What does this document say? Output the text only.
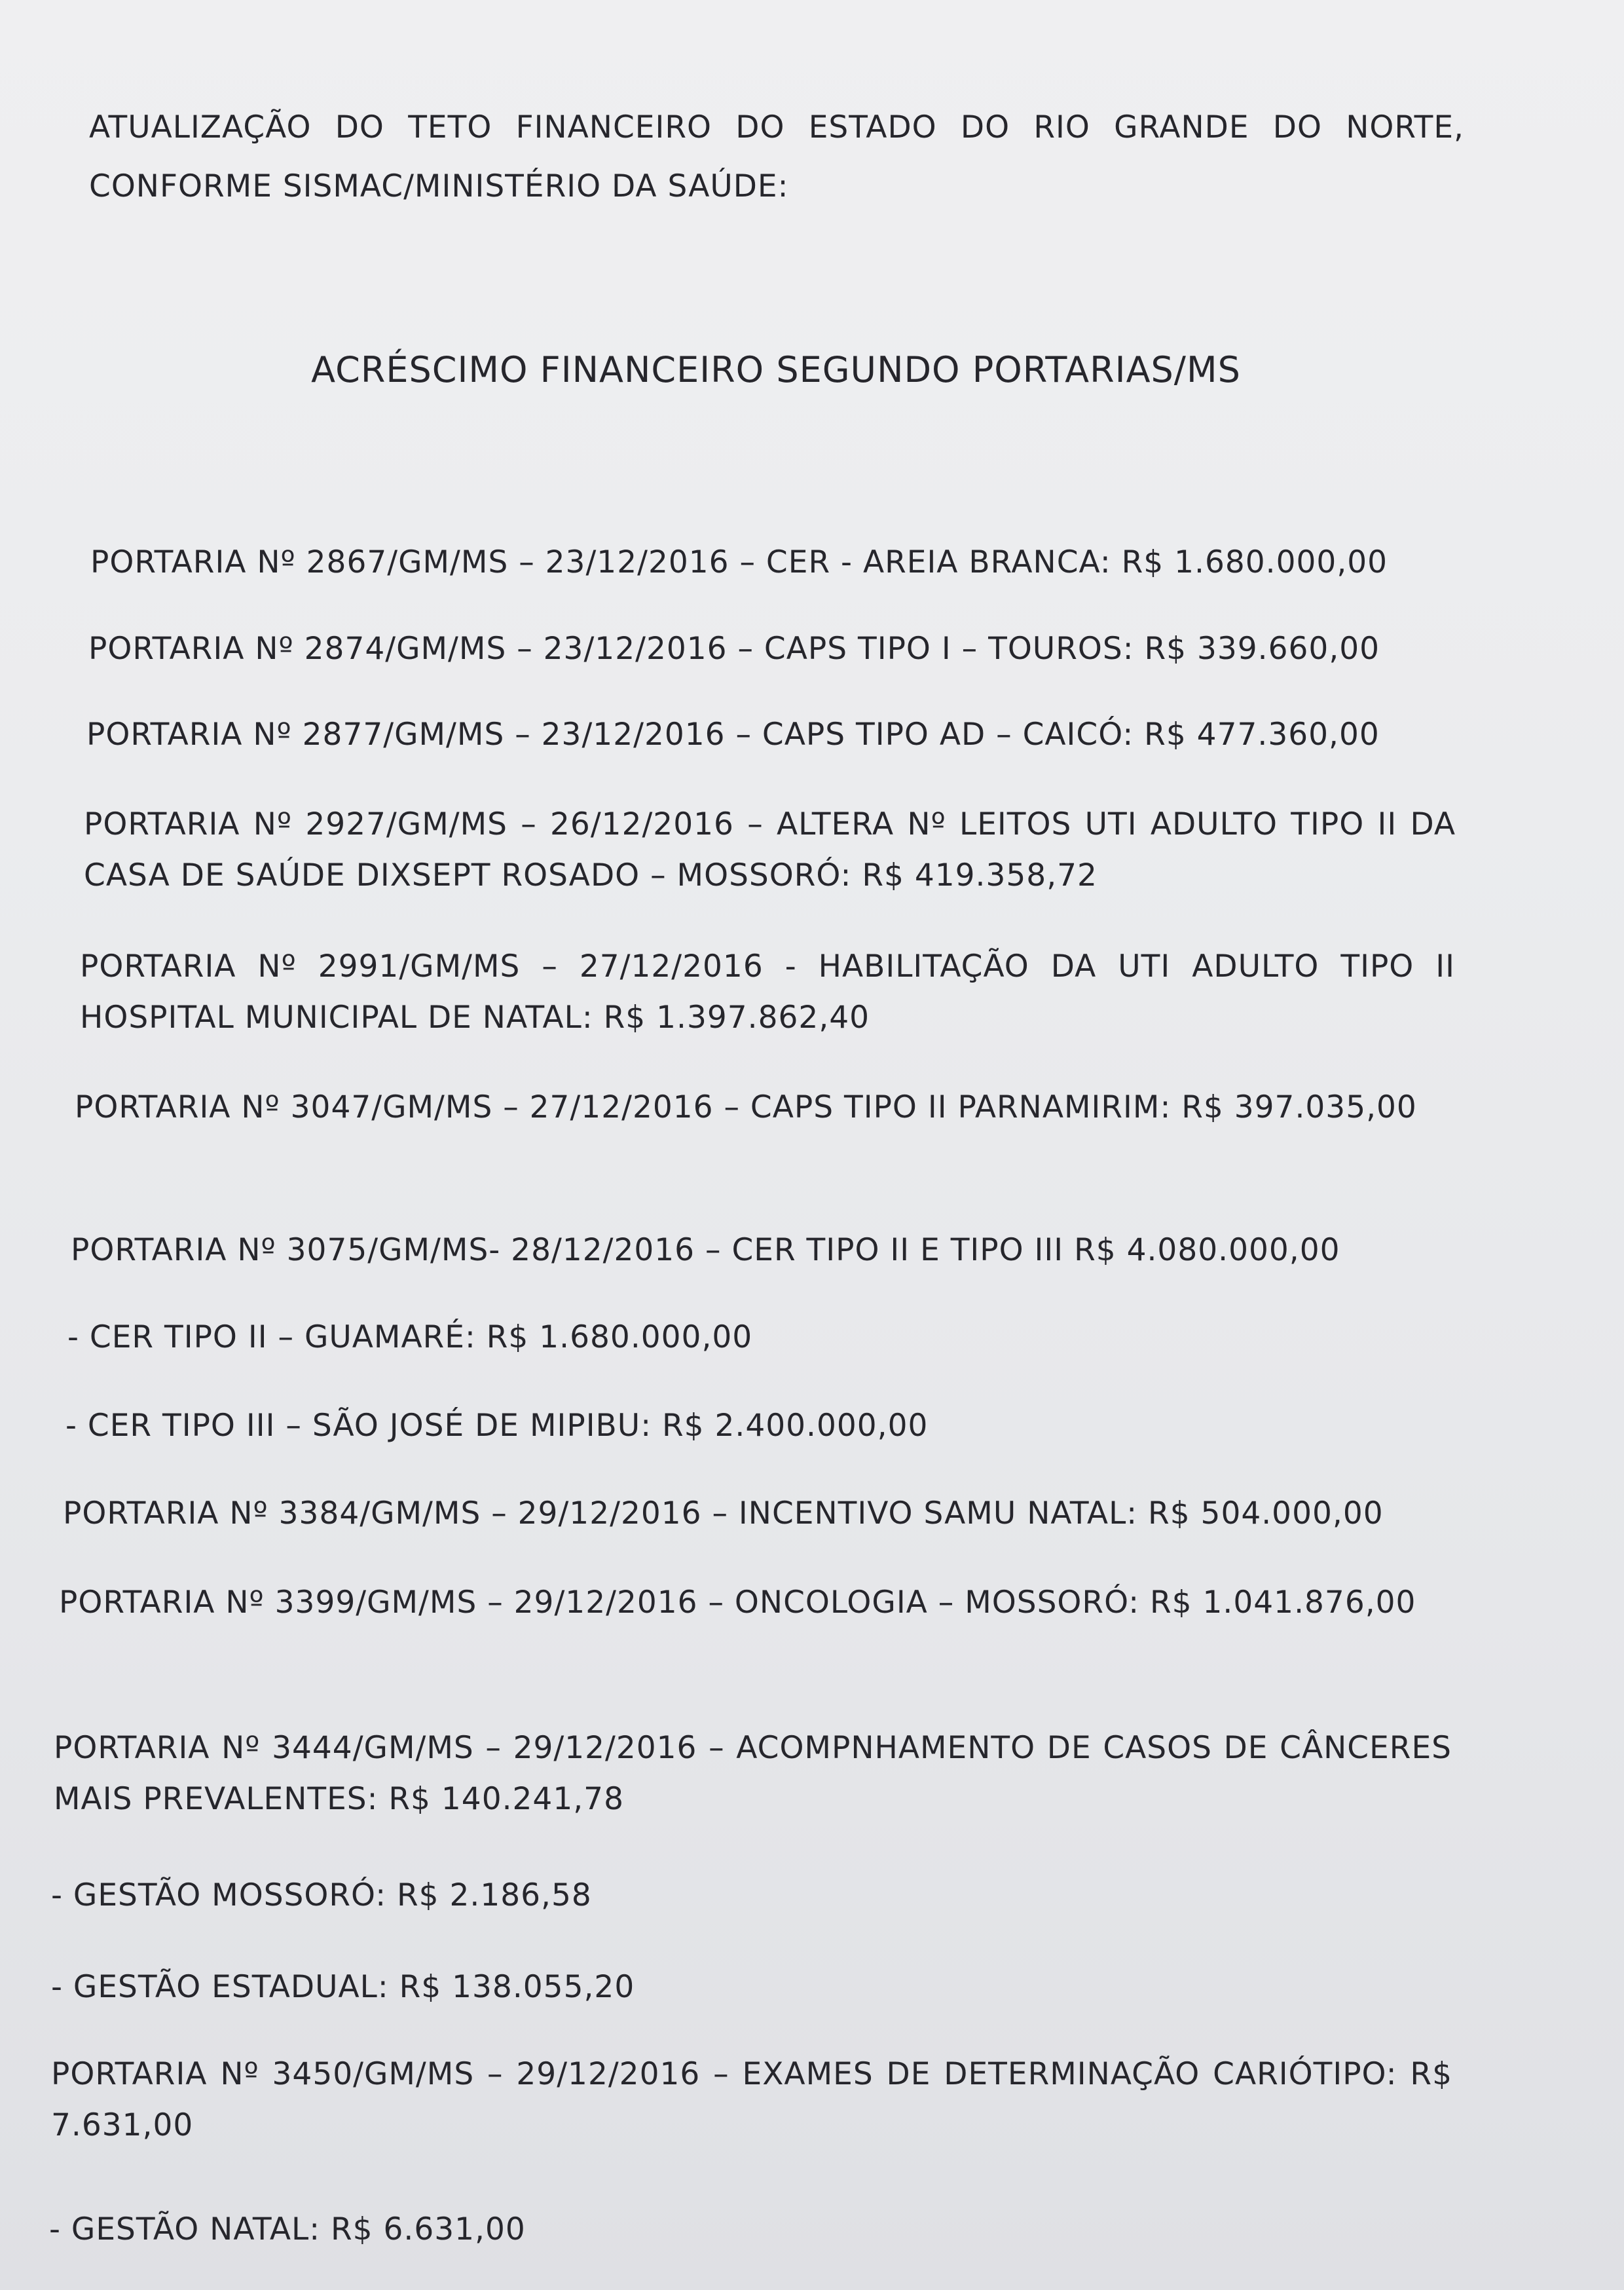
ATUALIZAÇÃO DO TETO FINANCEIRO DO ESTADO DO RIO GRANDE DO NORTE, CONFORME SISMAC/MINISTÉRIO DA SAÚDE:
ACRÉSCIMO FINANCEIRO SEGUNDO PORTARIAS/MS
PORTARIA Nº 2867/GM/MS – 23/12/2016 – CER - AREIA BRANCA: R$ 1.680.000,00
PORTARIA Nº 2874/GM/MS – 23/12/2016 – CAPS TIPO I – TOUROS: R$ 339.660,00
PORTARIA Nº 2877/GM/MS – 23/12/2016 – CAPS TIPO AD – CAICÓ: R$ 477.360,00
PORTARIA Nº 2927/GM/MS – 26/12/2016 – ALTERA Nº LEITOS UTI ADULTO TIPO II DA CASA DE SAÚDE DIXSEPT ROSADO – MOSSORÓ: R$ 419.358,72
PORTARIA Nº 2991/GM/MS – 27/12/2016 - HABILITAÇÃO DA UTI ADULTO TIPO II HOSPITAL MUNICIPAL DE NATAL: R$ 1.397.862,40
PORTARIA Nº 3047/GM/MS – 27/12/2016 – CAPS TIPO II PARNAMIRIM: R$ 397.035,00
PORTARIA Nº 3075/GM/MS- 28/12/2016 – CER TIPO II E TIPO III R$ 4.080.000,00
- CER TIPO II – GUAMARÉ: R$ 1.680.000,00
- CER TIPO III – SÃO JOSÉ DE MIPIBU: R$ 2.400.000,00
PORTARIA Nº 3384/GM/MS – 29/12/2016 – INCENTIVO SAMU NATAL: R$ 504.000,00
PORTARIA Nº 3399/GM/MS – 29/12/2016 – ONCOLOGIA – MOSSORÓ: R$ 1.041.876,00
PORTARIA Nº 3444/GM/MS – 29/12/2016 – ACOMPNHAMENTO DE CASOS DE CÂNCERES MAIS PREVALENTES: R$ 140.241,78
- GESTÃO MOSSORÓ: R$ 2.186,58
- GESTÃO ESTADUAL: R$ 138.055,20
PORTARIA Nº 3450/GM/MS – 29/12/2016 – EXAMES DE DETERMINAÇÃO CARIÓTIPO: R$ 7.631,00
- GESTÃO NATAL: R$ 6.631,00
